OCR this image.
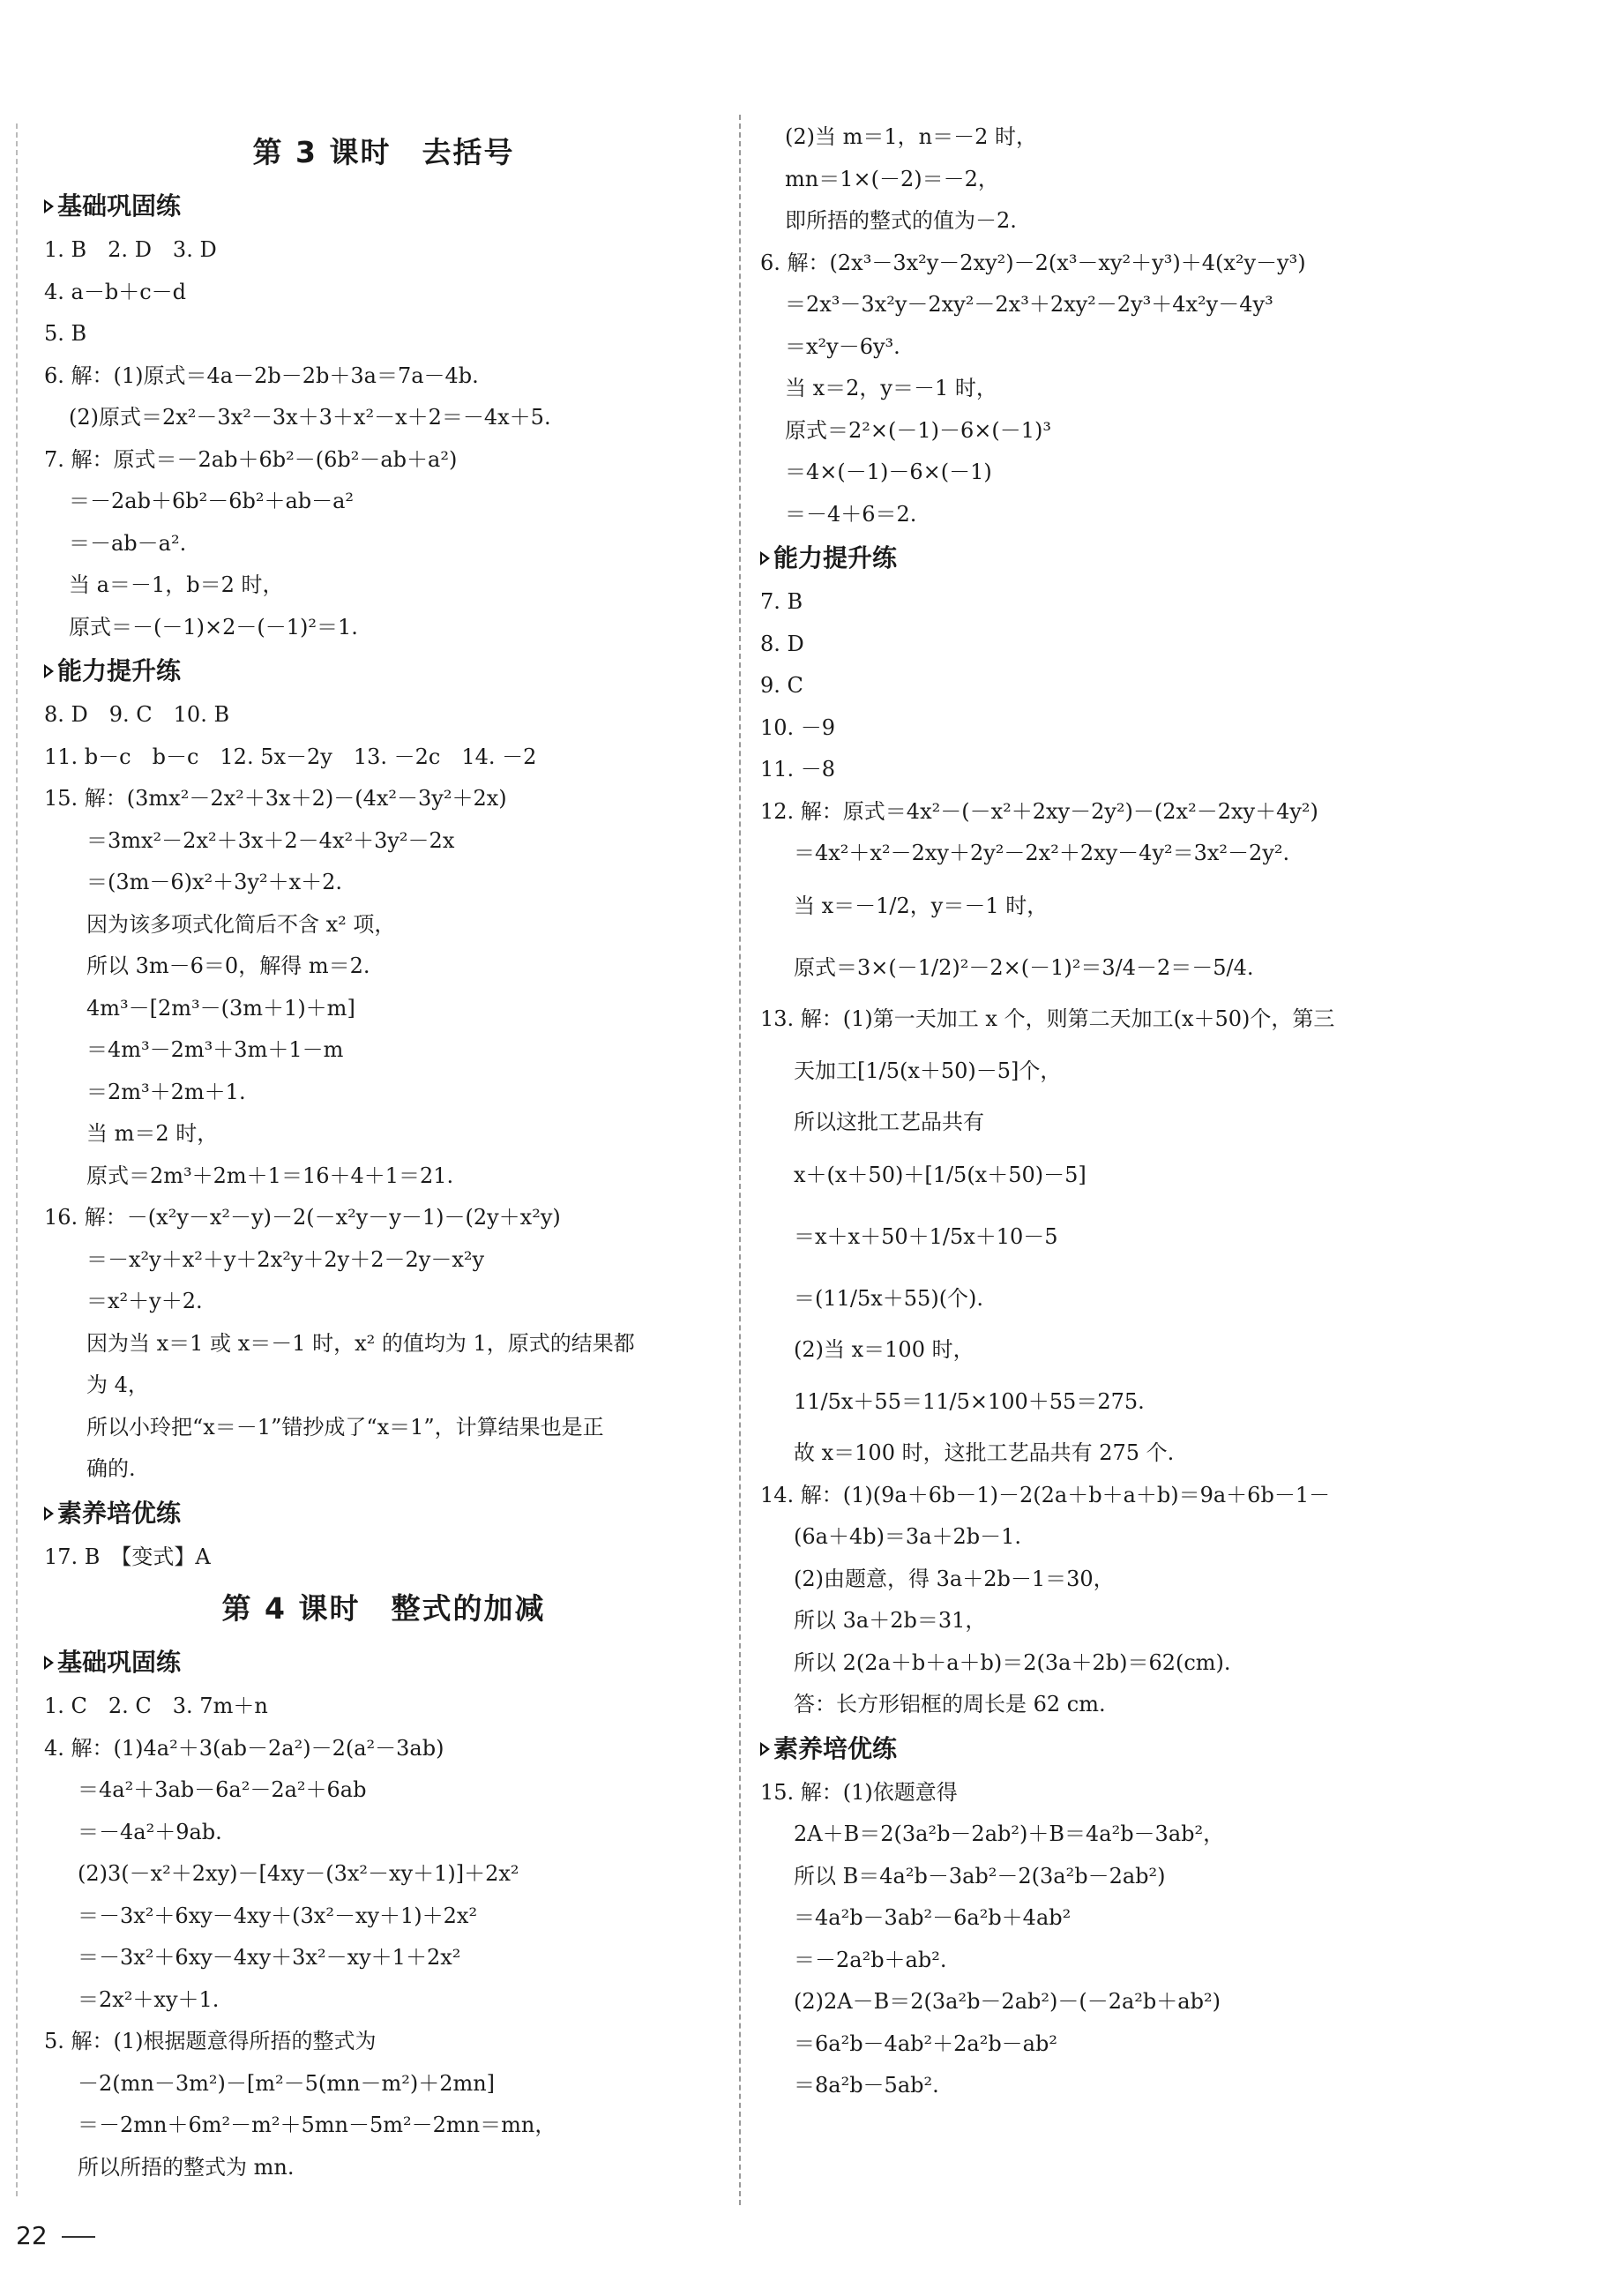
第 3 课时　去括号
基础巩固练
1. B　2. D　3. D
4. a－b＋c－d
5. B
6. 解：(1)原式＝4a－2b－2b＋3a＝7a－4b.
(2)原式＝2x²－3x²－3x＋3＋x²－x＋2＝－4x＋5.
7. 解：原式＝－2ab＋6b²－(6b²－ab＋a²)
＝－2ab＋6b²－6b²＋ab－a²
＝－ab－a².
当 a＝－1，b＝2 时，
原式＝－(－1)×2－(－1)²＝1.
能力提升练
8. D　9. C　10. B
11. b－c　b－c　12. 5x－2y　13. －2c　14. －2
15. 解：(3mx²－2x²＋3x＋2)－(4x²－3y²＋2x)
＝3mx²－2x²＋3x＋2－4x²＋3y²－2x
＝(3m－6)x²＋3y²＋x＋2.
因为该多项式化简后不含 x² 项，
所以 3m－6＝0，解得 m＝2.
4m³－[2m³－(3m＋1)＋m]
＝4m³－2m³＋3m＋1－m
＝2m³＋2m＋1.
当 m＝2 时，
原式＝2m³＋2m＋1＝16＋4＋1＝21.
16. 解：－(x²y－x²－y)－2(－x²y－y－1)－(2y＋x²y)
＝－x²y＋x²＋y＋2x²y＋2y＋2－2y－x²y
＝x²＋y＋2.
因为当 x＝1 或 x＝－1 时，x² 的值均为 1，原式的结果都
为 4，
所以小玲把“x＝－1”错抄成了“x＝1”，计算结果也是正
确的.
素养培优练
17. B　【变式】A
第 4 课时　整式的加减
基础巩固练
1. C　2. C　3. 7m＋n
4. 解：(1)4a²＋3(ab－2a²)－2(a²－3ab)
＝4a²＋3ab－6a²－2a²＋6ab
＝－4a²＋9ab.
(2)3(－x²＋2xy)－[4xy－(3x²－xy＋1)]＋2x²
＝－3x²＋6xy－4xy＋(3x²－xy＋1)＋2x²
＝－3x²＋6xy－4xy＋3x²－xy＋1＋2x²
＝2x²＋xy＋1.
5. 解：(1)根据题意得所捂的整式为
－2(mn－3m²)－[m²－5(mn－m²)＋2mn]
＝－2mn＋6m²－m²＋5mn－5m²－2mn＝mn，
所以所捂的整式为 mn.
(2)当 m＝1，n＝－2 时，
mn＝1×(－2)＝－2，
即所捂的整式的值为－2.
6. 解：(2x³－3x²y－2xy²)－2(x³－xy²＋y³)＋4(x²y－y³)
＝2x³－3x²y－2xy²－2x³＋2xy²－2y³＋4x²y－4y³
＝x²y－6y³.
当 x＝2，y＝－1 时，
原式＝2²×(－1)－6×(－1)³
＝4×(－1)－6×(－1)
＝－4＋6＝2.
能力提升练
7. B
8. D
9. C
10. －9
11. －8
12. 解：原式＝4x²－(－x²＋2xy－2y²)－(2x²－2xy＋4y²)
＝4x²＋x²－2xy＋2y²－2x²＋2xy－4y²＝3x²－2y².
当 x＝－1/2，y＝－1 时，
原式＝3×(－1/2)²－2×(－1)²＝3/4－2＝－5/4.
13. 解：(1)第一天加工 x 个，则第二天加工(x＋50)个，第三
天加工[1/5(x＋50)－5]个，
所以这批工艺品共有
x＋(x＋50)＋[1/5(x＋50)－5]
＝x＋x＋50＋1/5x＋10－5
＝(11/5x＋55)(个).
(2)当 x＝100 时，
11/5x＋55＝11/5×100＋55＝275.
故 x＝100 时，这批工艺品共有 275 个.
14. 解：(1)(9a＋6b－1)－2(2a＋b＋a＋b)＝9a＋6b－1－
(6a＋4b)＝3a＋2b－1.
(2)由题意，得 3a＋2b－1＝30，
所以 3a＋2b＝31，
所以 2(2a＋b＋a＋b)＝2(3a＋2b)＝62(cm).
答：长方形铝框的周长是 62 cm.
素养培优练
15. 解：(1)依题意得
2A＋B＝2(3a²b－2ab²)＋B＝4a²b－3ab²，
所以 B＝4a²b－3ab²－2(3a²b－2ab²)
＝4a²b－3ab²－6a²b＋4ab²
＝－2a²b＋ab².
(2)2A－B＝2(3a²b－2ab²)－(－2a²b＋ab²)
＝6a²b－4ab²＋2a²b－ab²
＝8a²b－5ab².
22
